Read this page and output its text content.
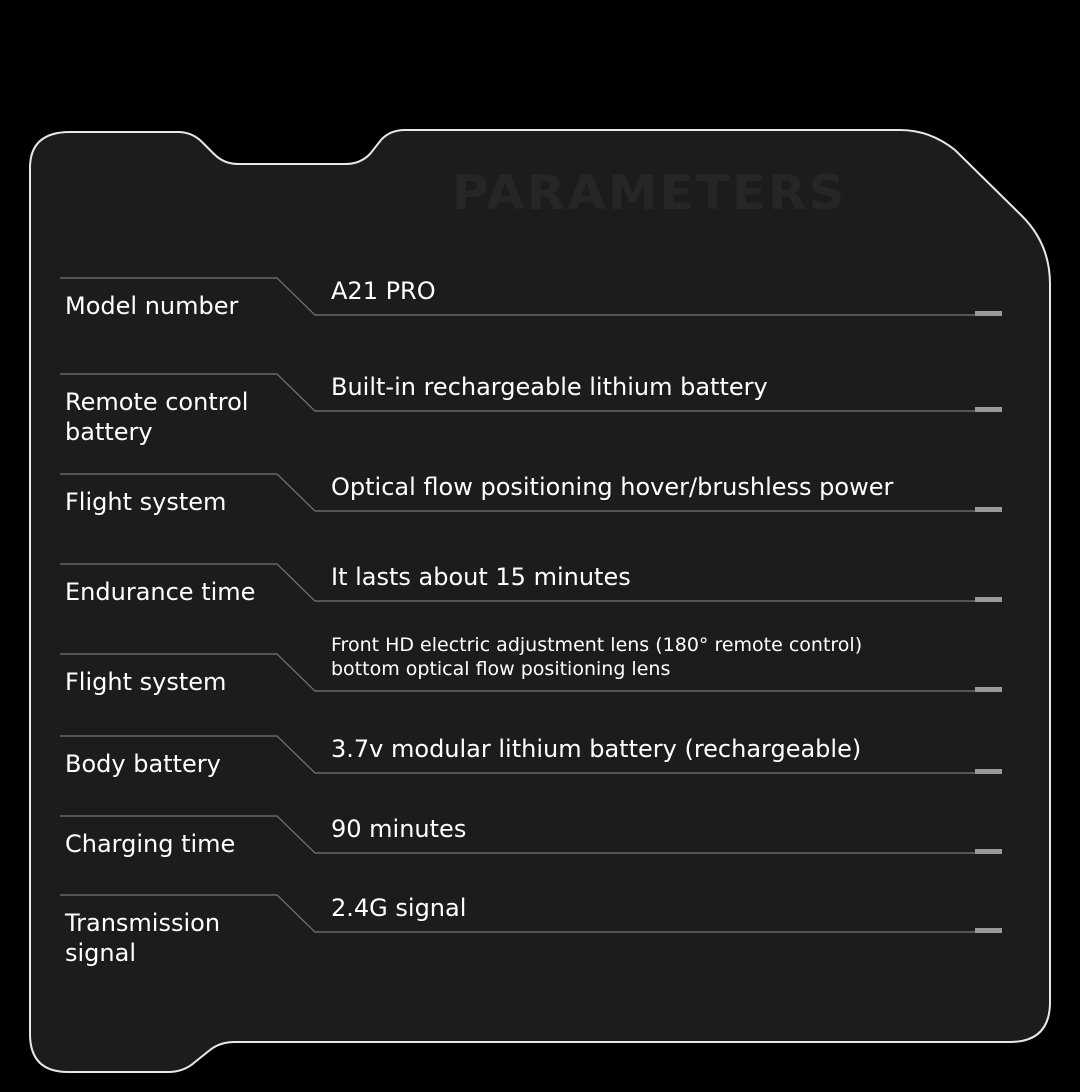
PARAMETERS
Model number
A21 PRO
Remote control battery
Built-in rechargeable lithium battery
Flight system
Optical flow positioning hover/brushless power
Endurance time
It lasts about 15 minutes
Flight system
Front HD electric adjustment lens (180° remote control)
bottom optical flow positioning lens
Body battery
3.7v modular lithium battery (rechargeable)
Charging time
90 minutes
Transmission signal
2.4G signal
